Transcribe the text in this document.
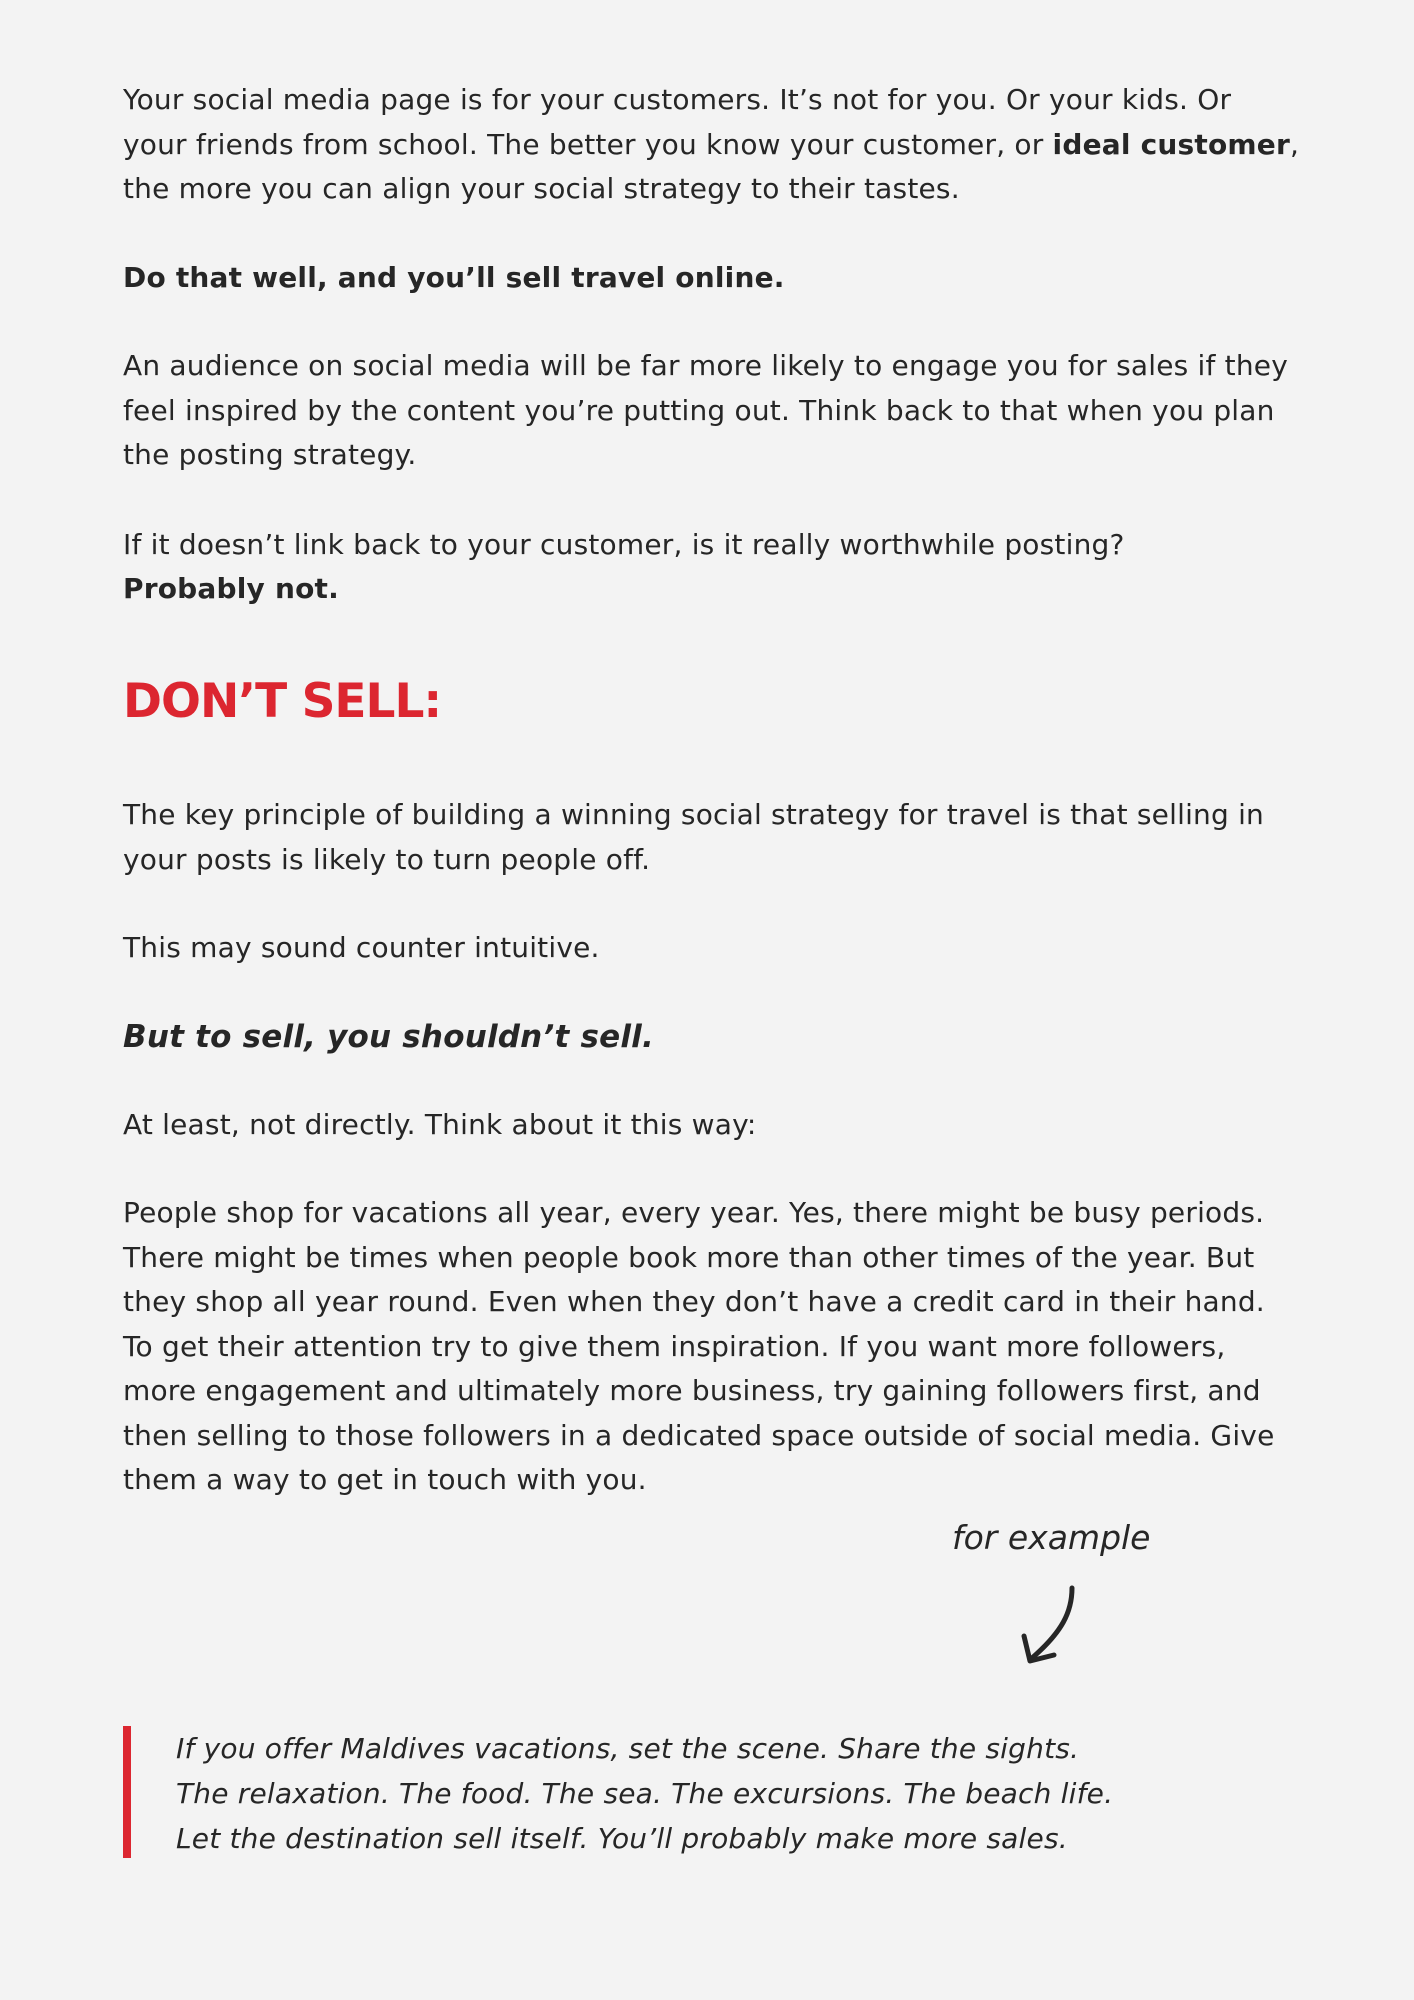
Your social media page is for your customers. It’s not for you. Or your kids. Or your friends from school. The better you know your customer, or ideal customer, the more you can align your social strategy to their tastes.

Do that well, and you’ll sell travel online.

An audience on social media will be far more likely to engage you for sales if they feel inspired by the content you’re putting out. Think back to that when you plan the posting strategy.

If it doesn’t link back to your customer, is it really worthwhile posting?
Probably not.

DON’T SELL:

The key principle of building a winning social strategy for travel is that selling in your posts is likely to turn people off.

This may sound counter intuitive.

But to sell, you shouldn’t sell.

At least, not directly. Think about it this way:

People shop for vacations all year, every year. Yes, there might be busy periods. There might be times when people book more than other times of the year. But they shop all year round. Even when they don’t have a credit card in their hand. To get their attention try to give them inspiration. If you want more followers, more engagement and ultimately more business, try gaining followers first, and then selling to those followers in a dedicated space outside of social media. Give them a way to get in touch with you.

for example

If you offer Maldives vacations, set the scene. Share the sights.

The relaxation. The food. The sea. The excursions. The beach life.

Let the destination sell itself. You’ll probably make more sales.
